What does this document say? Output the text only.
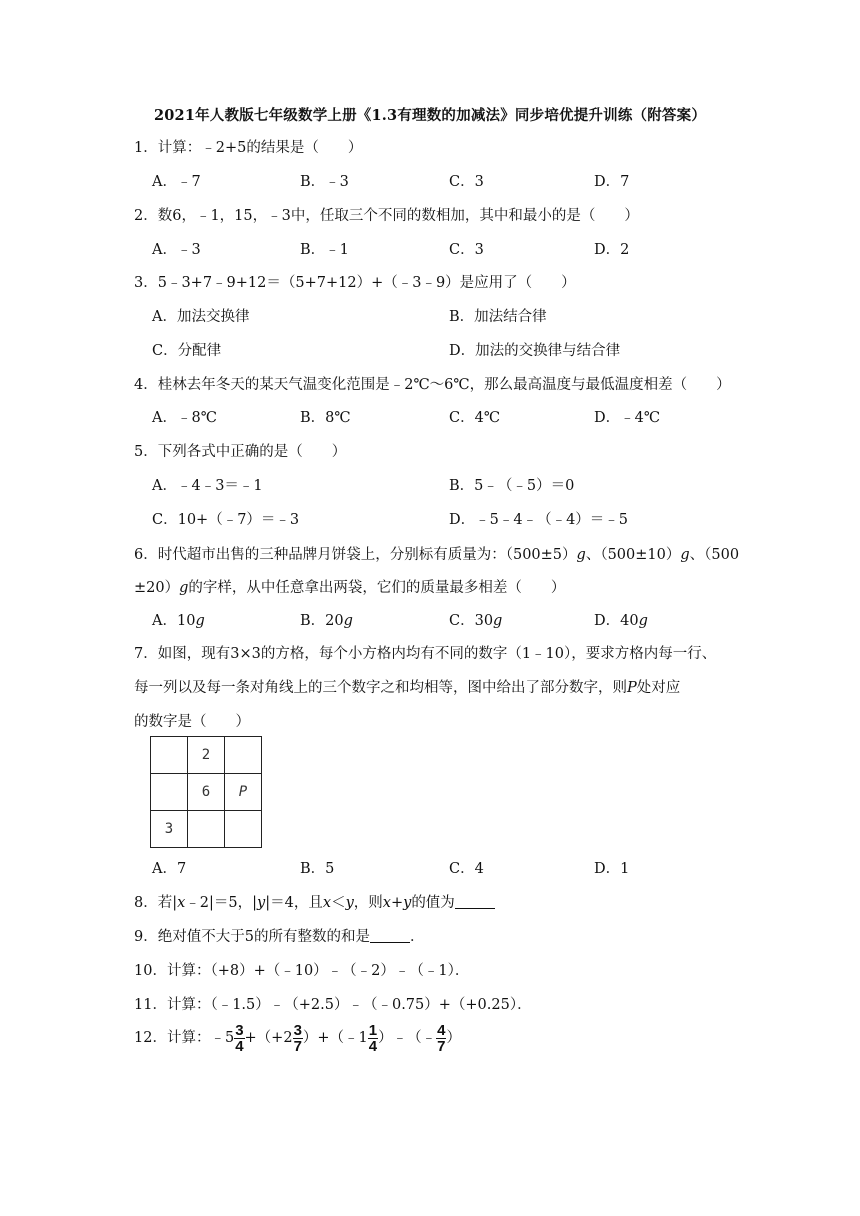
2021年人教版七年级数学上册《1.3有理数的加减法》同步培优提升训练（附答案）
1．计算：﹣2+5的结果是（　　）
A．﹣7	B．﹣3	C．3	D．7
2．数6，﹣1，15，﹣3中，任取三个不同的数相加，其中和最小的是（　　）
A．﹣3	B．﹣1	C．3	D．2
3．5﹣3+7﹣9+12＝（5+7+12）+（﹣3﹣9）是应用了（　　）
A．加法交换律	B．加法结合律
C．分配律	D．加法的交换律与结合律
4．桂林去年冬天的某天气温变化范围是﹣2℃～6℃，那么最高温度与最低温度相差（　　）
A．﹣8℃	B．8℃	C．4℃	D．﹣4℃
5．下列各式中正确的是（　　）
A．﹣4﹣3＝﹣1	B．5﹣（﹣5）＝0
C．10+（﹣7）＝﹣3	D．﹣5﹣4﹣（﹣4）＝﹣5
6．时代超市出售的三种品牌月饼袋上，分别标有质量为：（500±5）g、（500±10）g、（500
±20）g的字样，从中任意拿出两袋，它们的质量最多相差（　　）
A．10g	B．20g	C．30g	D．40g
7．如图，现有3×3的方格，每个小方格内均有不同的数字（1﹣10），要求方格内每一行、
每一列以及每一条对角线上的三个数字之和均相等，图中给出了部分数字，则P处对应
的数字是（　　）
	2	
	6	P
3		
A．7	B．5	C．4	D．1
8．若|x﹣2|＝5，|y|＝4，且x＜y，则x+y的值为
9．绝对值不大于5的所有整数的和是	．
10．计算：（+8）+（﹣10）﹣（﹣2）﹣（﹣1）．
11．计算：（﹣1.5）﹣（+2.5）﹣（﹣0.75）+（+0.25）．
12．计算：﹣5 $\frac{3}{4} +(+2 \frac{3}{7}$ ）+（﹣1 $\frac{1}{4}$ ）﹣（﹣ $\frac{4}{7}$ ）
